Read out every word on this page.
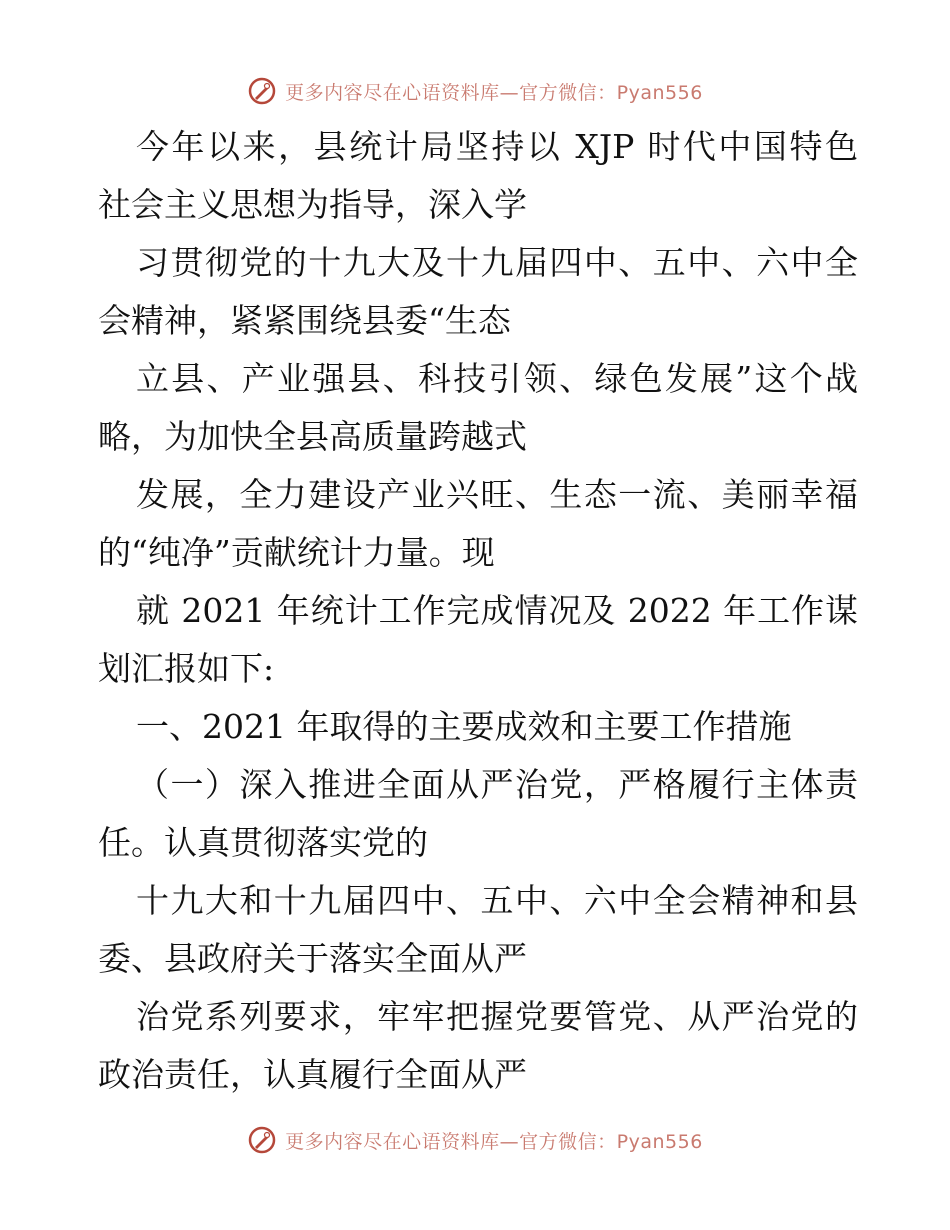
更多内容尽在心语资料库—官方微信：Pyan556
今年以来，县统计局坚持以 XJP 时代中国特色
社会主义思想为指导，深入学
习贯彻党的十九大及十九届四中、五中、六中全
会精神，紧紧围绕县委“生态
立县、产业强县、科技引领、绿色发展”这个战
略，为加快全县高质量跨越式
发展，全力建设产业兴旺、生态一流、美丽幸福
的“纯净”贡献统计力量。现
就 2021 年统计工作完成情况及 2022 年工作谋
划汇报如下:
一、2021 年取得的主要成效和主要工作措施
（一）深入推进全面从严治党，严格履行主体责
任。认真贯彻落实党的
十九大和十九届四中、五中、六中全会精神和县
委、县政府关于落实全面从严
治党系列要求，牢牢把握党要管党、从严治党的
政治责任，认真履行全面从严
更多内容尽在心语资料库—官方微信：Pyan556
